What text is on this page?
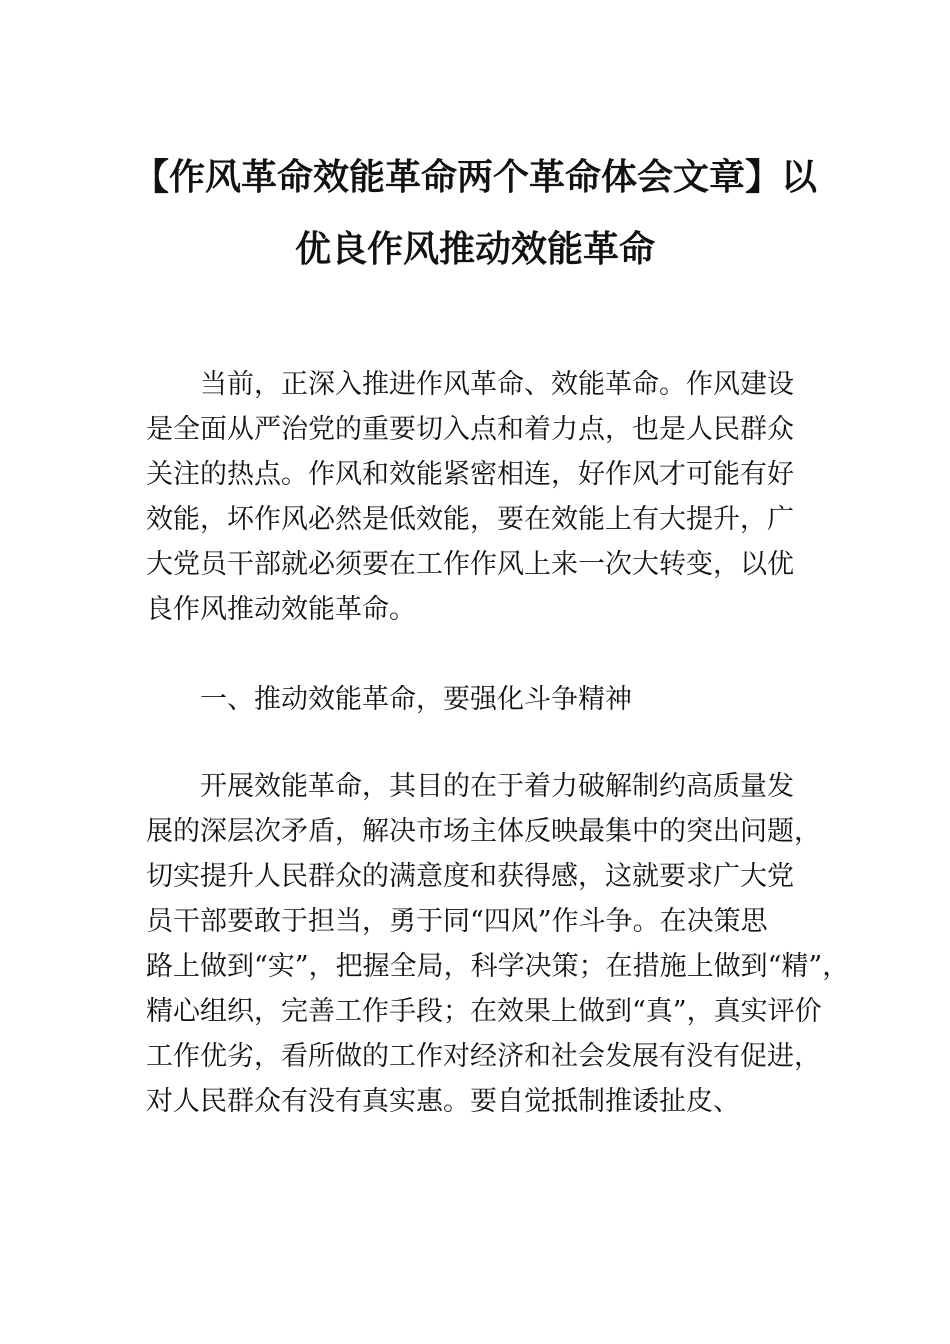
【作风革命效能革命两个革命体会文章】以
优良作风推动效能革命
当前，正深入推进作风革命、效能革命。作风建设
是全面从严治党的重要切入点和着力点，也是人民群众
关注的热点。作风和效能紧密相连，好作风才可能有好
效能，坏作风必然是低效能，要在效能上有大提升，广
大党员干部就必须要在工作作风上来一次大转变，以优
良作风推动效能革命。
一、推动效能革命，要强化斗争精神
开展效能革命，其目的在于着力破解制约高质量发
展的深层次矛盾，解决市场主体反映最集中的突出问题，
切实提升人民群众的满意度和获得感，这就要求广大党
员干部要敢于担当，勇于同“四风”作斗争。在决策思
路上做到“实”，把握全局，科学决策；在措施上做到“精”，
精心组织，完善工作手段；在效果上做到“真”，真实评价
工作优劣，看所做的工作对经济和社会发展有没有促进，
对人民群众有没有真实惠。要自觉抵制推诿扯皮、
